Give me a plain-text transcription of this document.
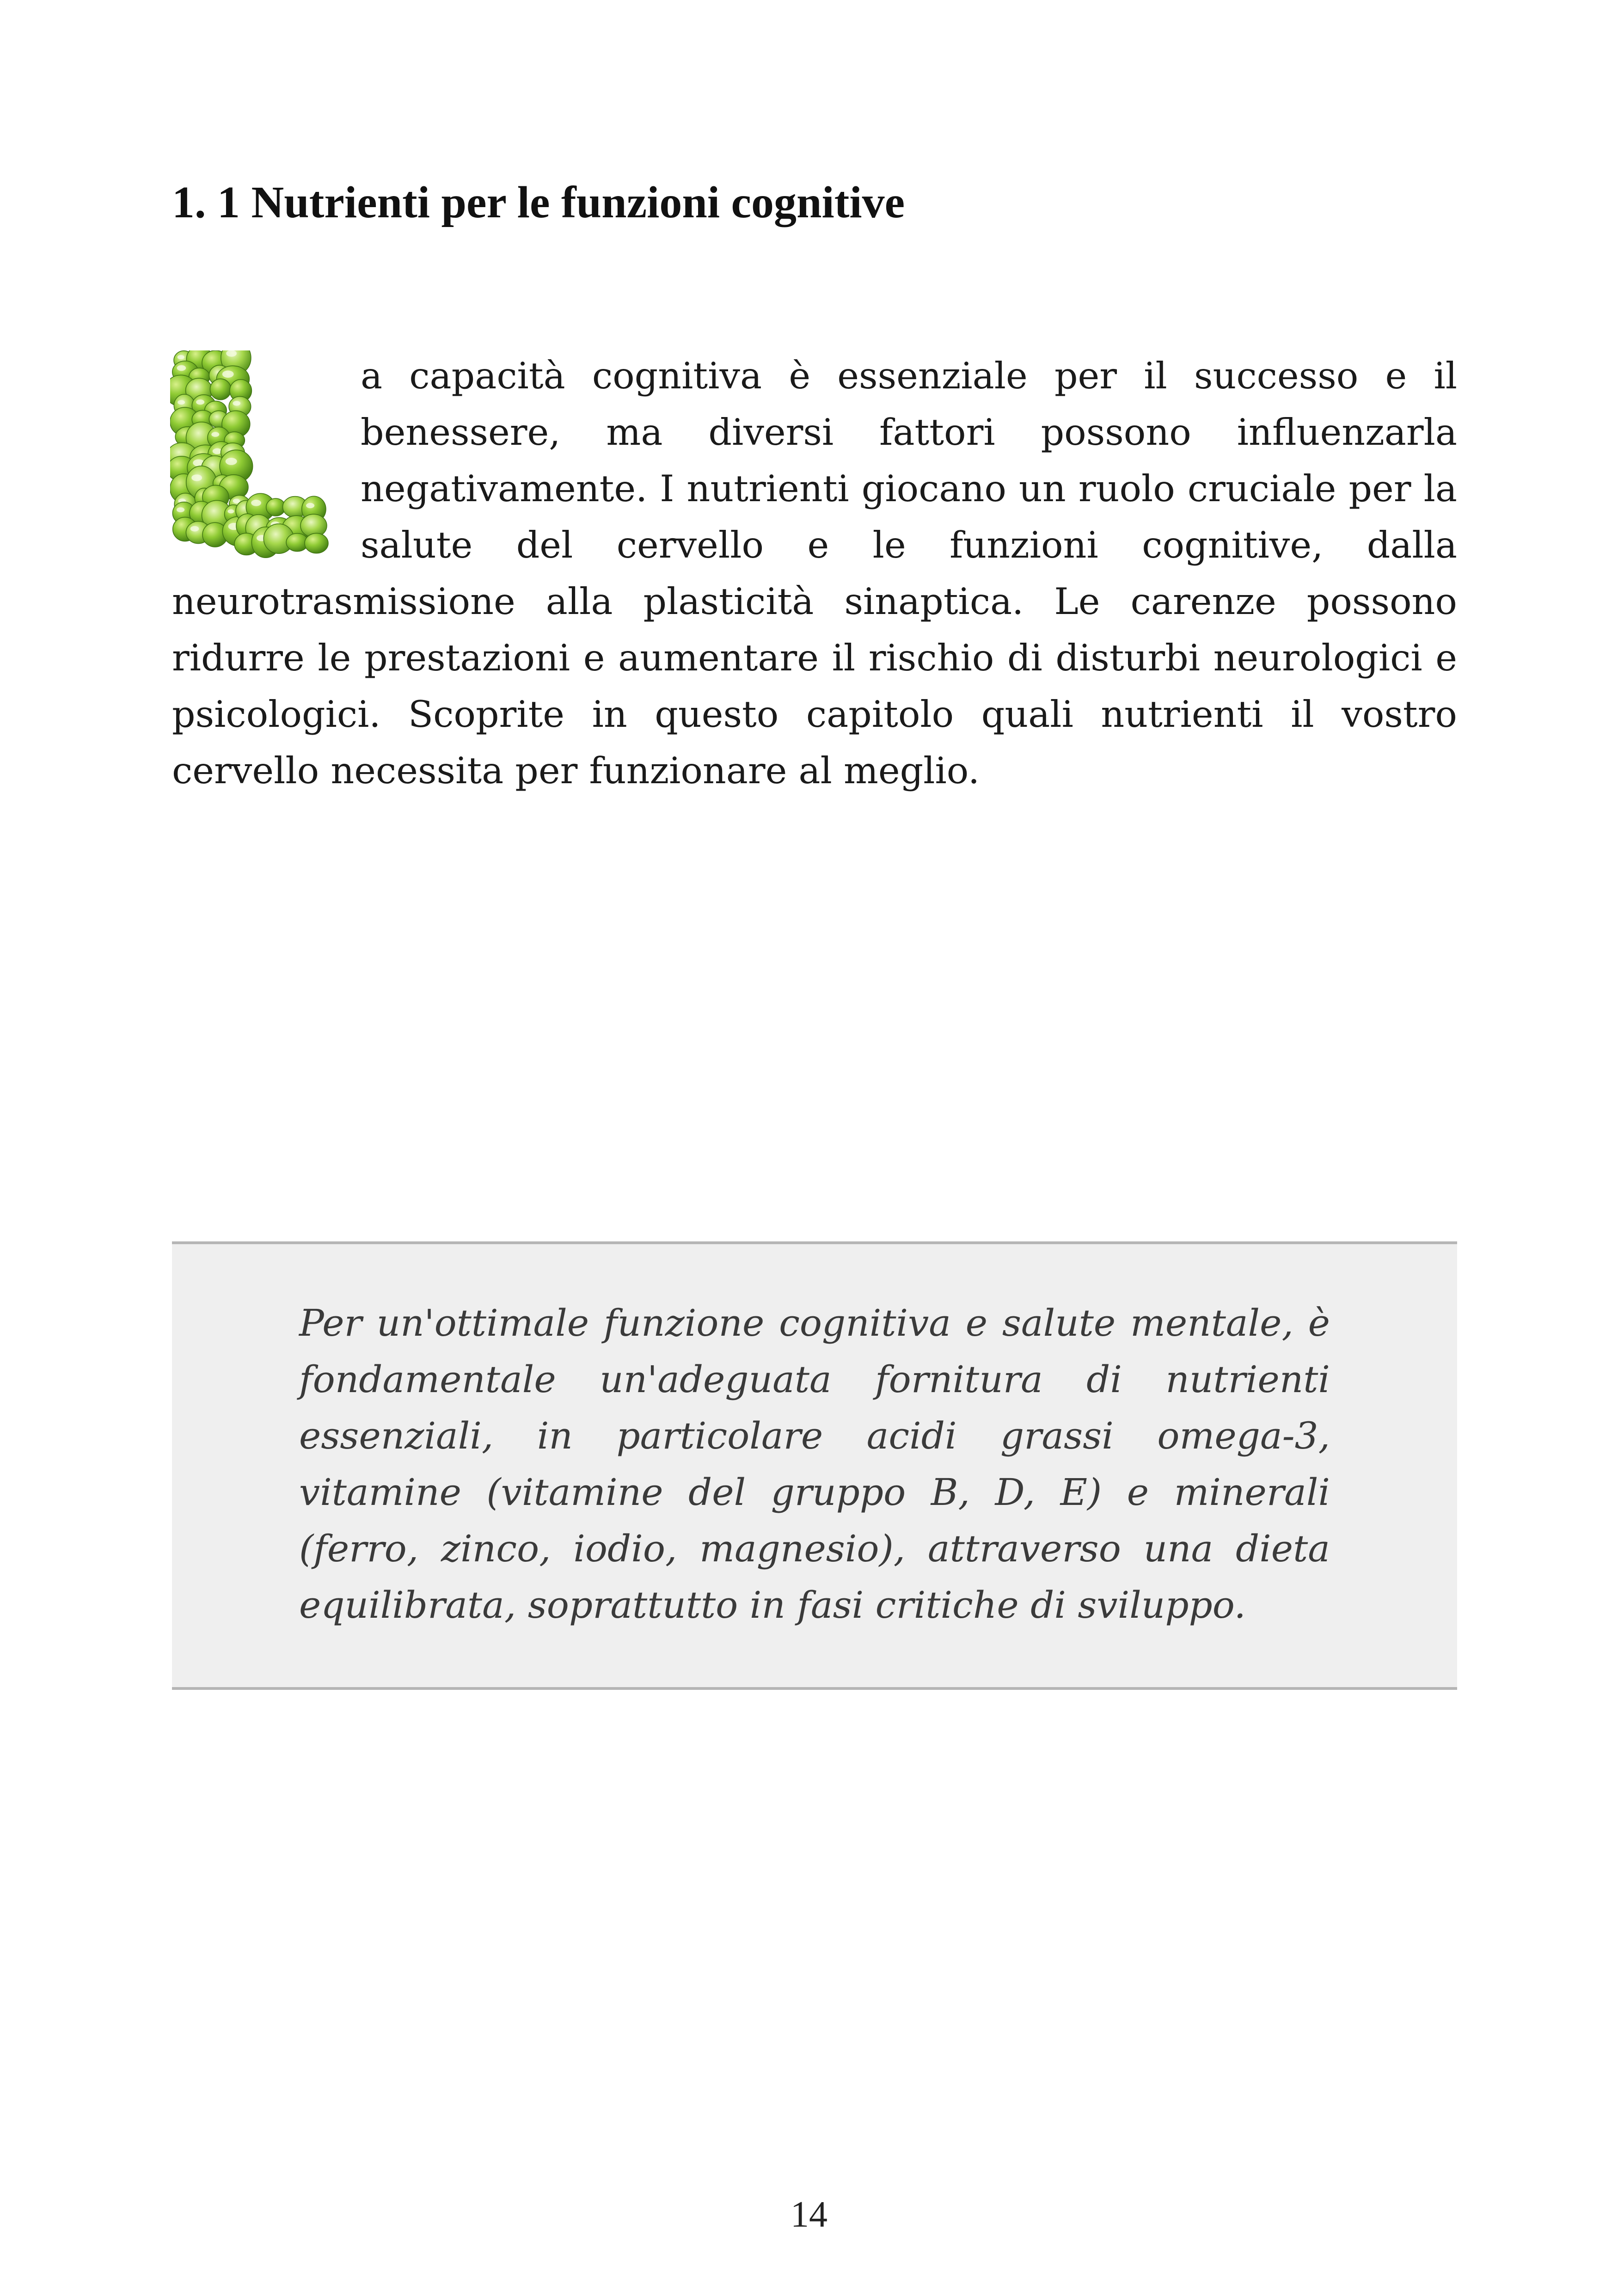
1. 1 Nutrienti per le funzioni cognitive

a capacità cognitiva è essenziale per il successo e il benessere, ma diversi fattori possono influenzarla negativamente. I nutrienti giocano un ruolo cruciale per la salute del cervello e le funzioni cognitive, dalla neurotrasmissione alla plasticità sinaptica. Le carenze possono ridurre le prestazioni e aumentare il rischio di disturbi neurologici e psicologici. Scoprite in questo capitolo quali nutrienti il vostro cervello necessita per funzionare al meglio.

Per un'ottimale funzione cognitiva e salute mentale, è fondamentale un'adeguata fornitura di nutrienti essenziali, in particolare acidi grassi omega-3, vitamine (vitamine del gruppo B, D, E) e minerali (ferro, zinco, iodio, magnesio), attraverso una dieta equilibrata, soprattutto in fasi critiche di sviluppo.

14
